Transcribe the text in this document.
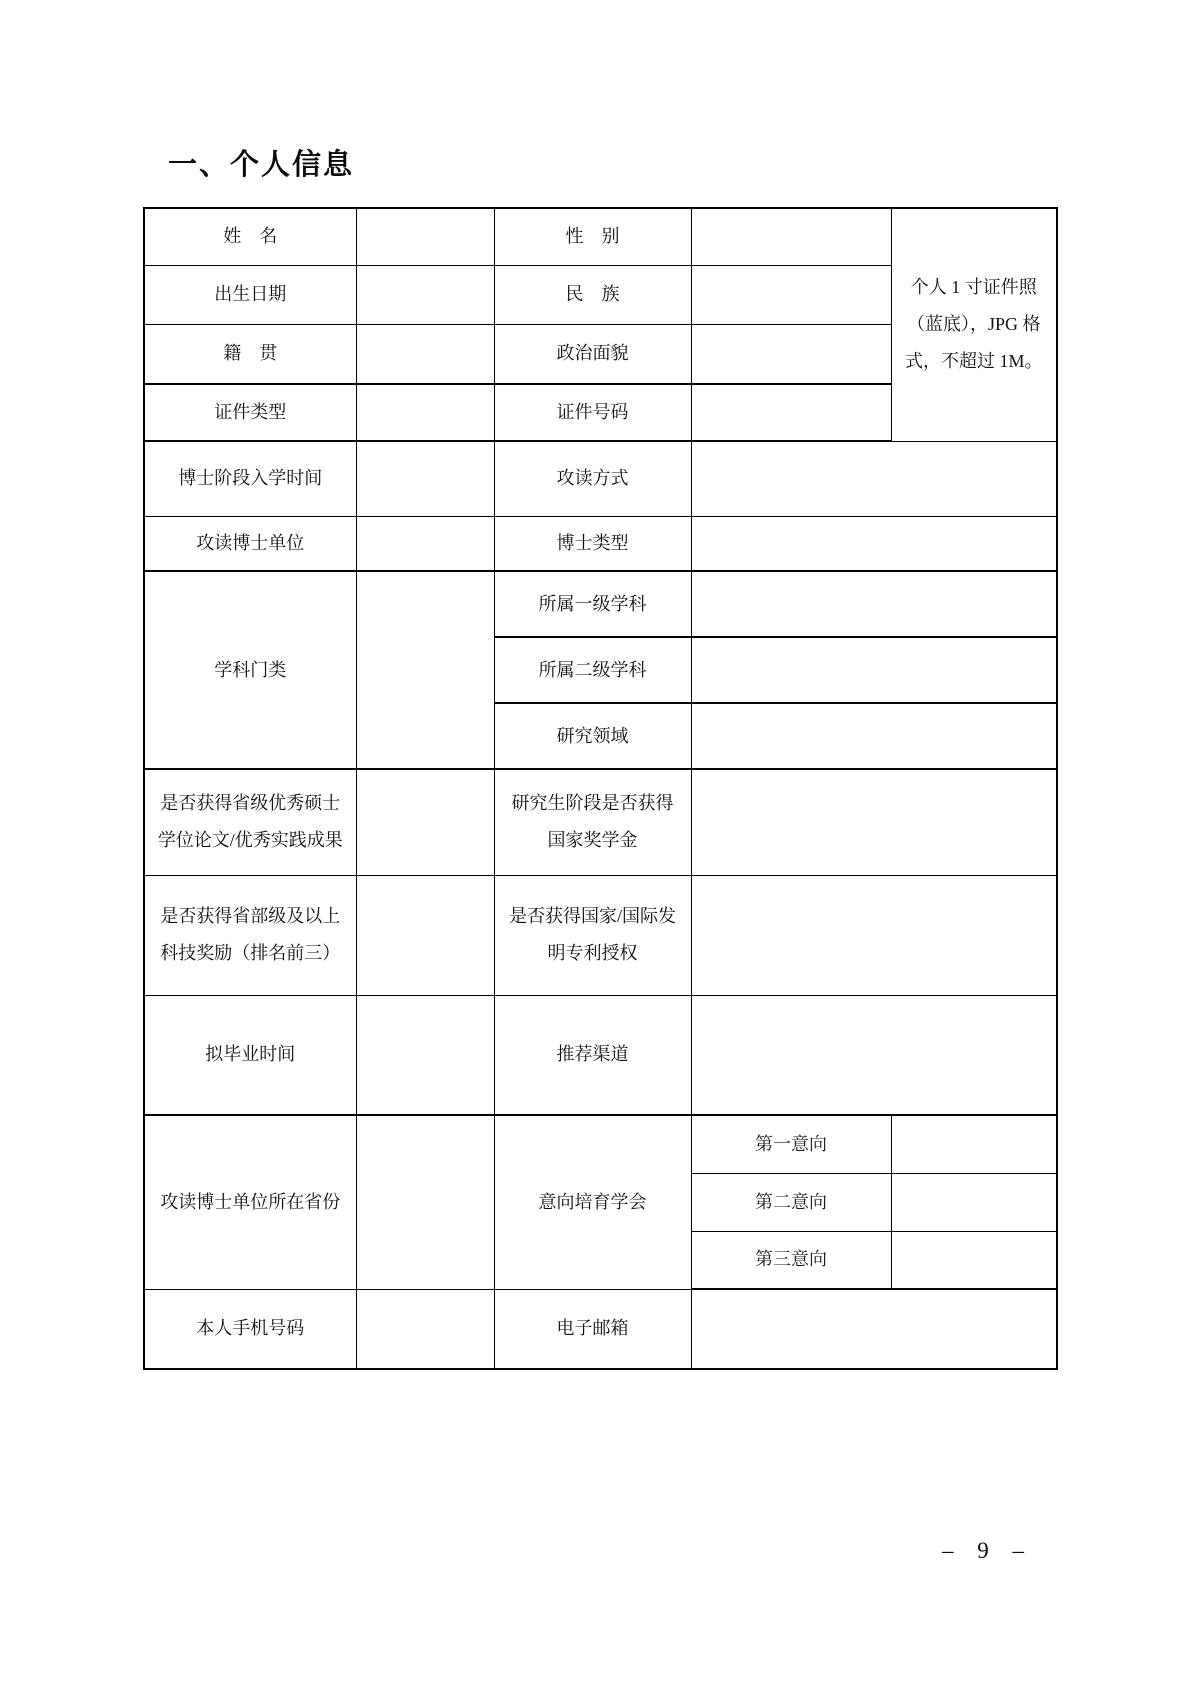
一、个人信息
姓　名		性　别		个人 1 寸证件照（蓝底），JPG 格式，不超过 1M。
出生日期		民　族		
籍　贯		政治面貌		
证件类型		证件号码		
博士阶段入学时间		攻读方式		
攻读博士单位		博士类型		
学科门类		所属一级学科		
		所属二级学科		
		研究领域		
是否获得省级优秀硕士学位论文/优秀实践成果		研究生阶段是否获得国家奖学金		
是否获得省部级及以上科技奖励（排名前三）		是否获得国家/国际发明专利授权		
拟毕业时间		推荐渠道		
攻读博士单位所在省份		意向培育学会	第一意向	
			第二意向	
			第三意向	
本人手机号码		电子邮箱		
– 9 –
